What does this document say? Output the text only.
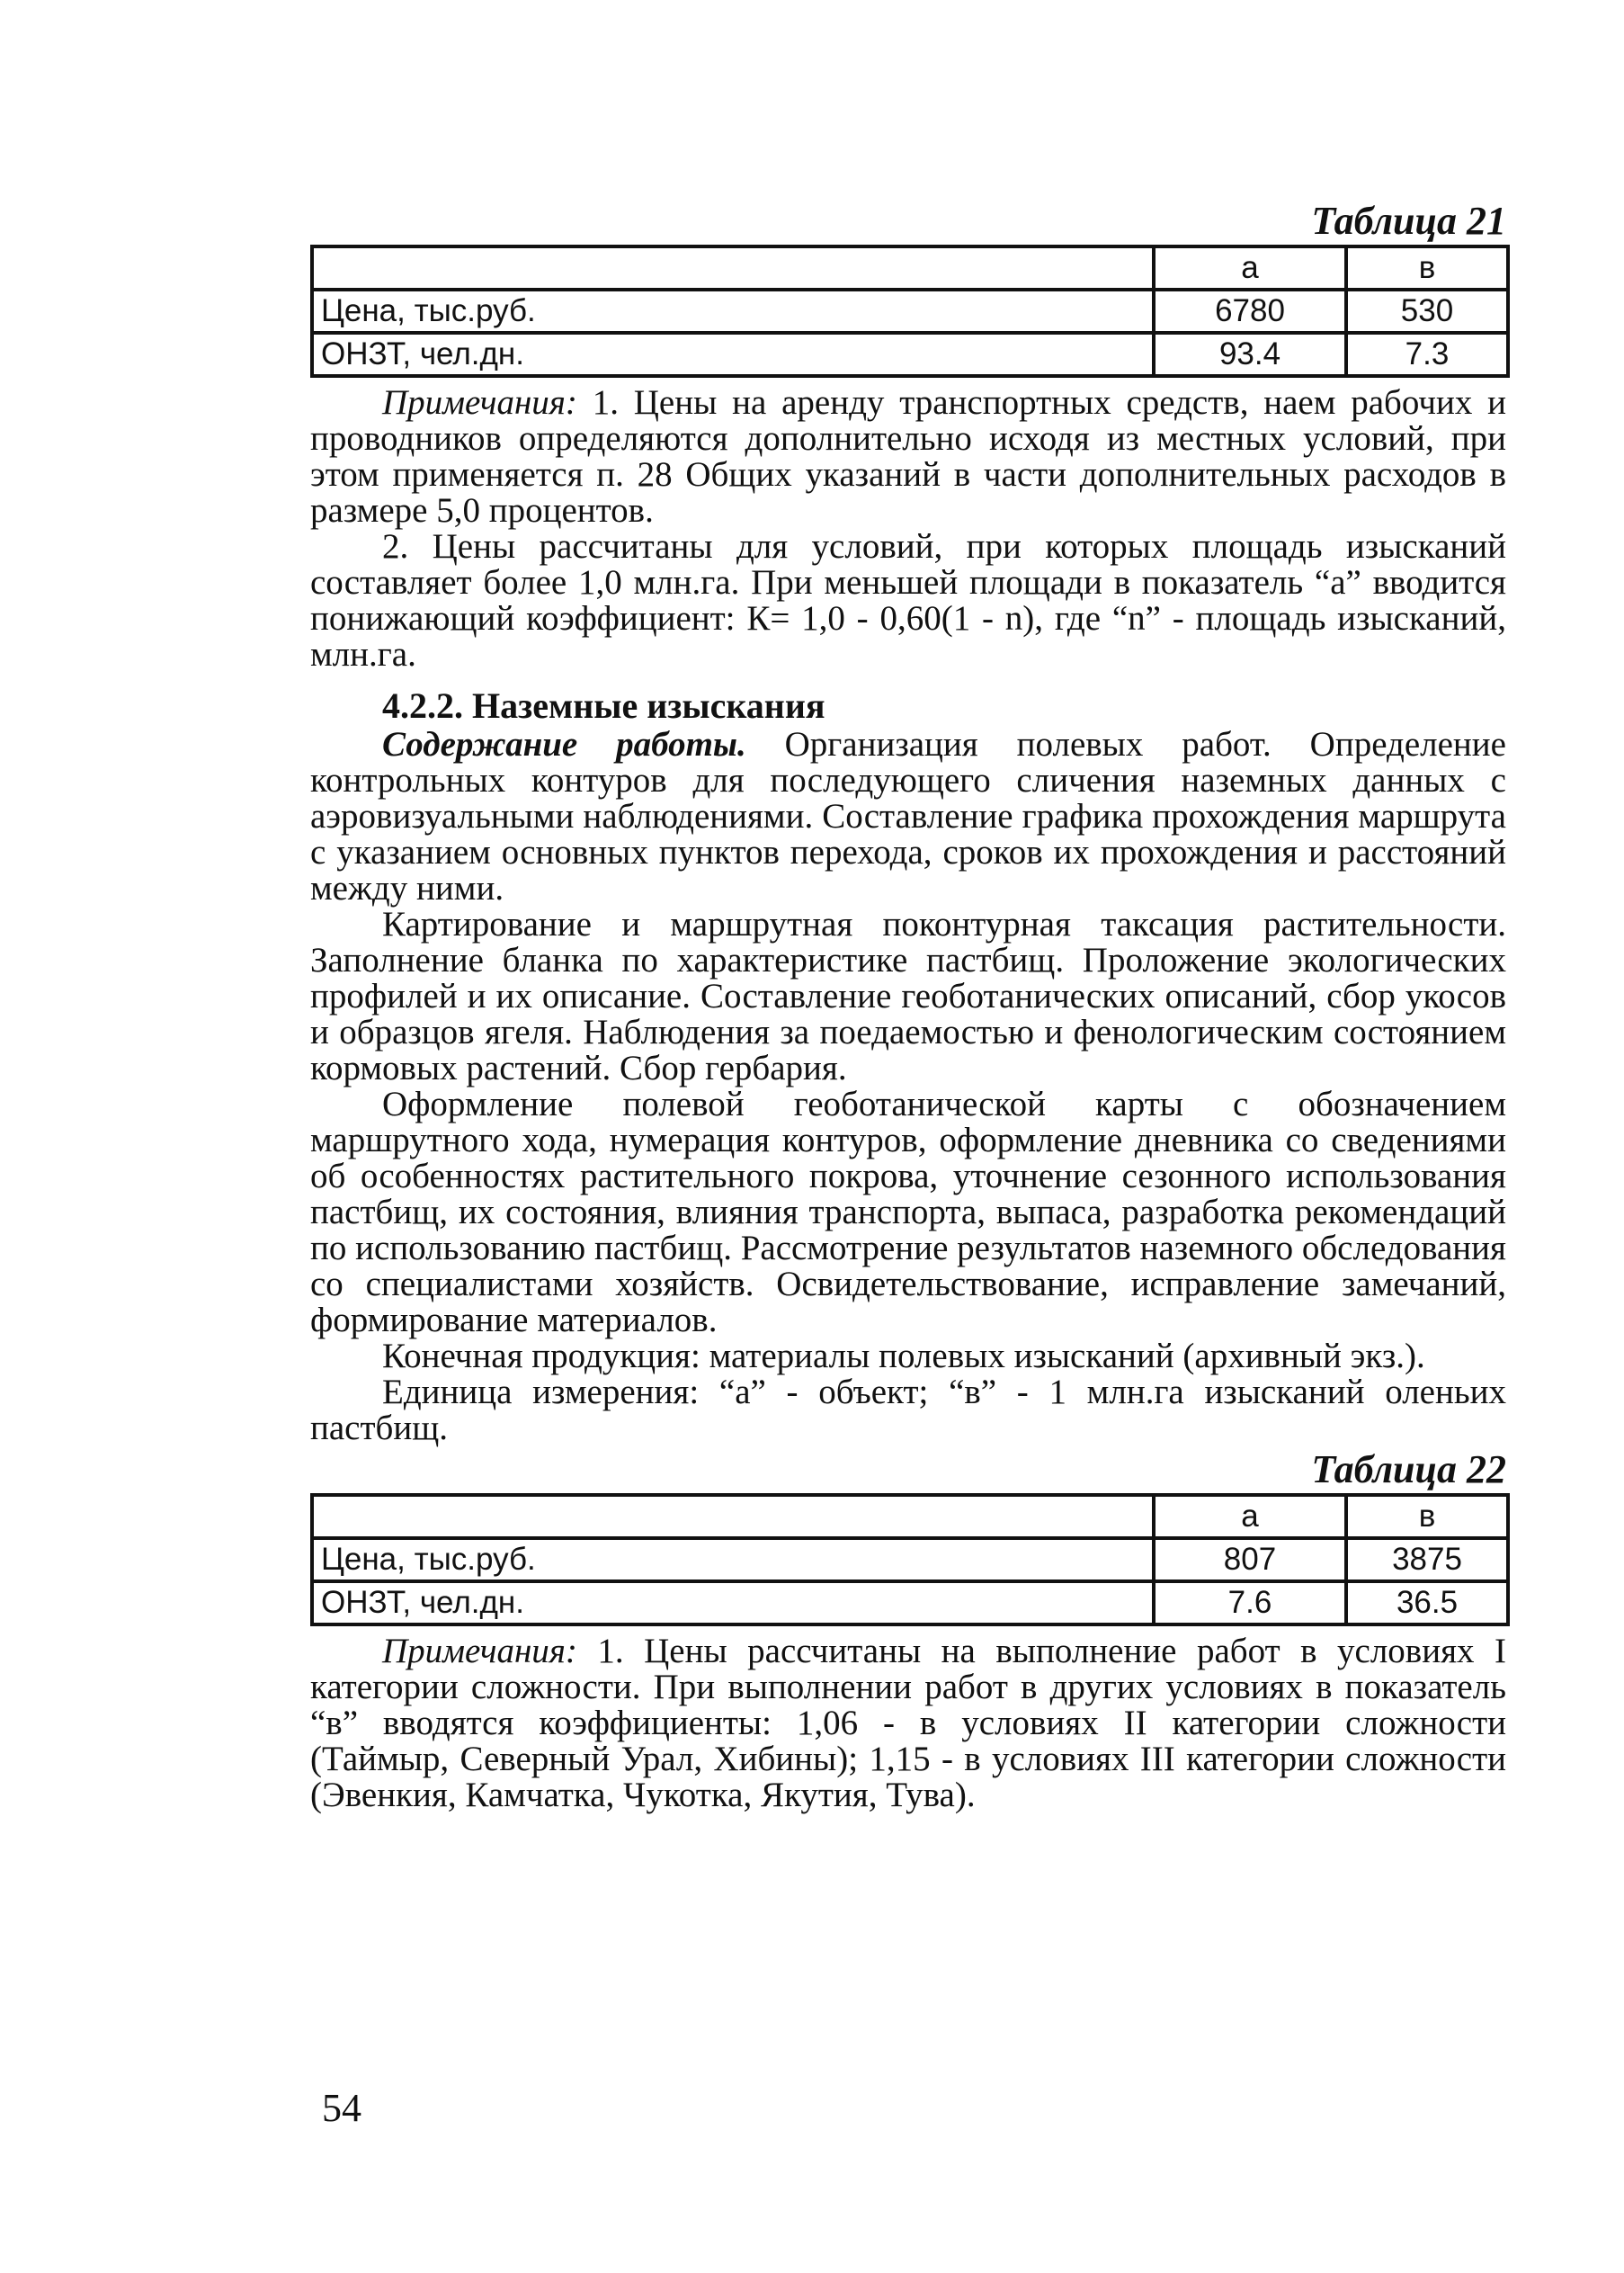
Таблица 21
	а	в
Цена, тыс.руб.	6780	530
ОНЗТ, чел.дн.	93.4	7.3

Примечания: 1. Цены на аренду транспортных средств, наем рабочих и проводников определяются дополнительно исходя из местных условий, при этом применяется п. 28 Общих указаний в части дополнительных расходов в размере 5,0 процентов.

2. Цены рассчитаны для условий, при которых площадь изысканий составляет более 1,0 млн.га. При меньшей площади в показатель “а” вводится понижающий коэффициент: К= 1,0 - 0,60(1 - n), где “n” - площадь изысканий, млн.га.

4.2.2. Наземные изыскания

Содержание работы. Организация полевых работ. Определение контрольных контуров для последующего сличения наземных данных с аэровизуальными наблюдениями. Составление графика прохождения маршрута с указанием основных пунктов перехода, сроков их прохождения и расстояний между ними.

Картирование и маршрутная поконтурная таксация растительности. Заполнение бланка по характеристике пастбищ. Проложение экологических профилей и их описание. Составление геоботанических описаний, сбор укосов и образцов ягеля. Наблюдения за поедаемостью и фенологическим состоянием кормовых растений. Сбор гербария.

Оформление полевой геоботанической карты с обозначением маршрутного хода, нумерация контуров, оформление дневника со сведениями об особенностях растительного покрова, уточнение сезонного использования пастбищ, их состояния, влияния транспорта, выпаса, разработка рекомендаций по использованию пастбищ. Рассмотрение результатов наземного обследования со специалистами хозяйств. Освидетельствование, исправление замечаний, формирование материалов.

Конечная продукция: материалы полевых изысканий (архивный экз.).

Единица измерения: “а” - объект; “в” - 1 млн.га изысканий оленьих пастбищ.

Таблица 22
	а	в
Цена, тыс.руб.	807	3875
ОНЗТ, чел.дн.	7.6	36.5

Примечания: 1. Цены рассчитаны на выполнение работ в условиях I категории сложности. При выполнении работ в других условиях в показатель “в” вводятся коэффициенты: 1,06 - в условиях II категории сложности (Таймыр, Северный Урал, Хибины); 1,15 - в условиях III категории сложности (Эвенкия, Камчатка, Чукотка, Якутия, Тува).

54
